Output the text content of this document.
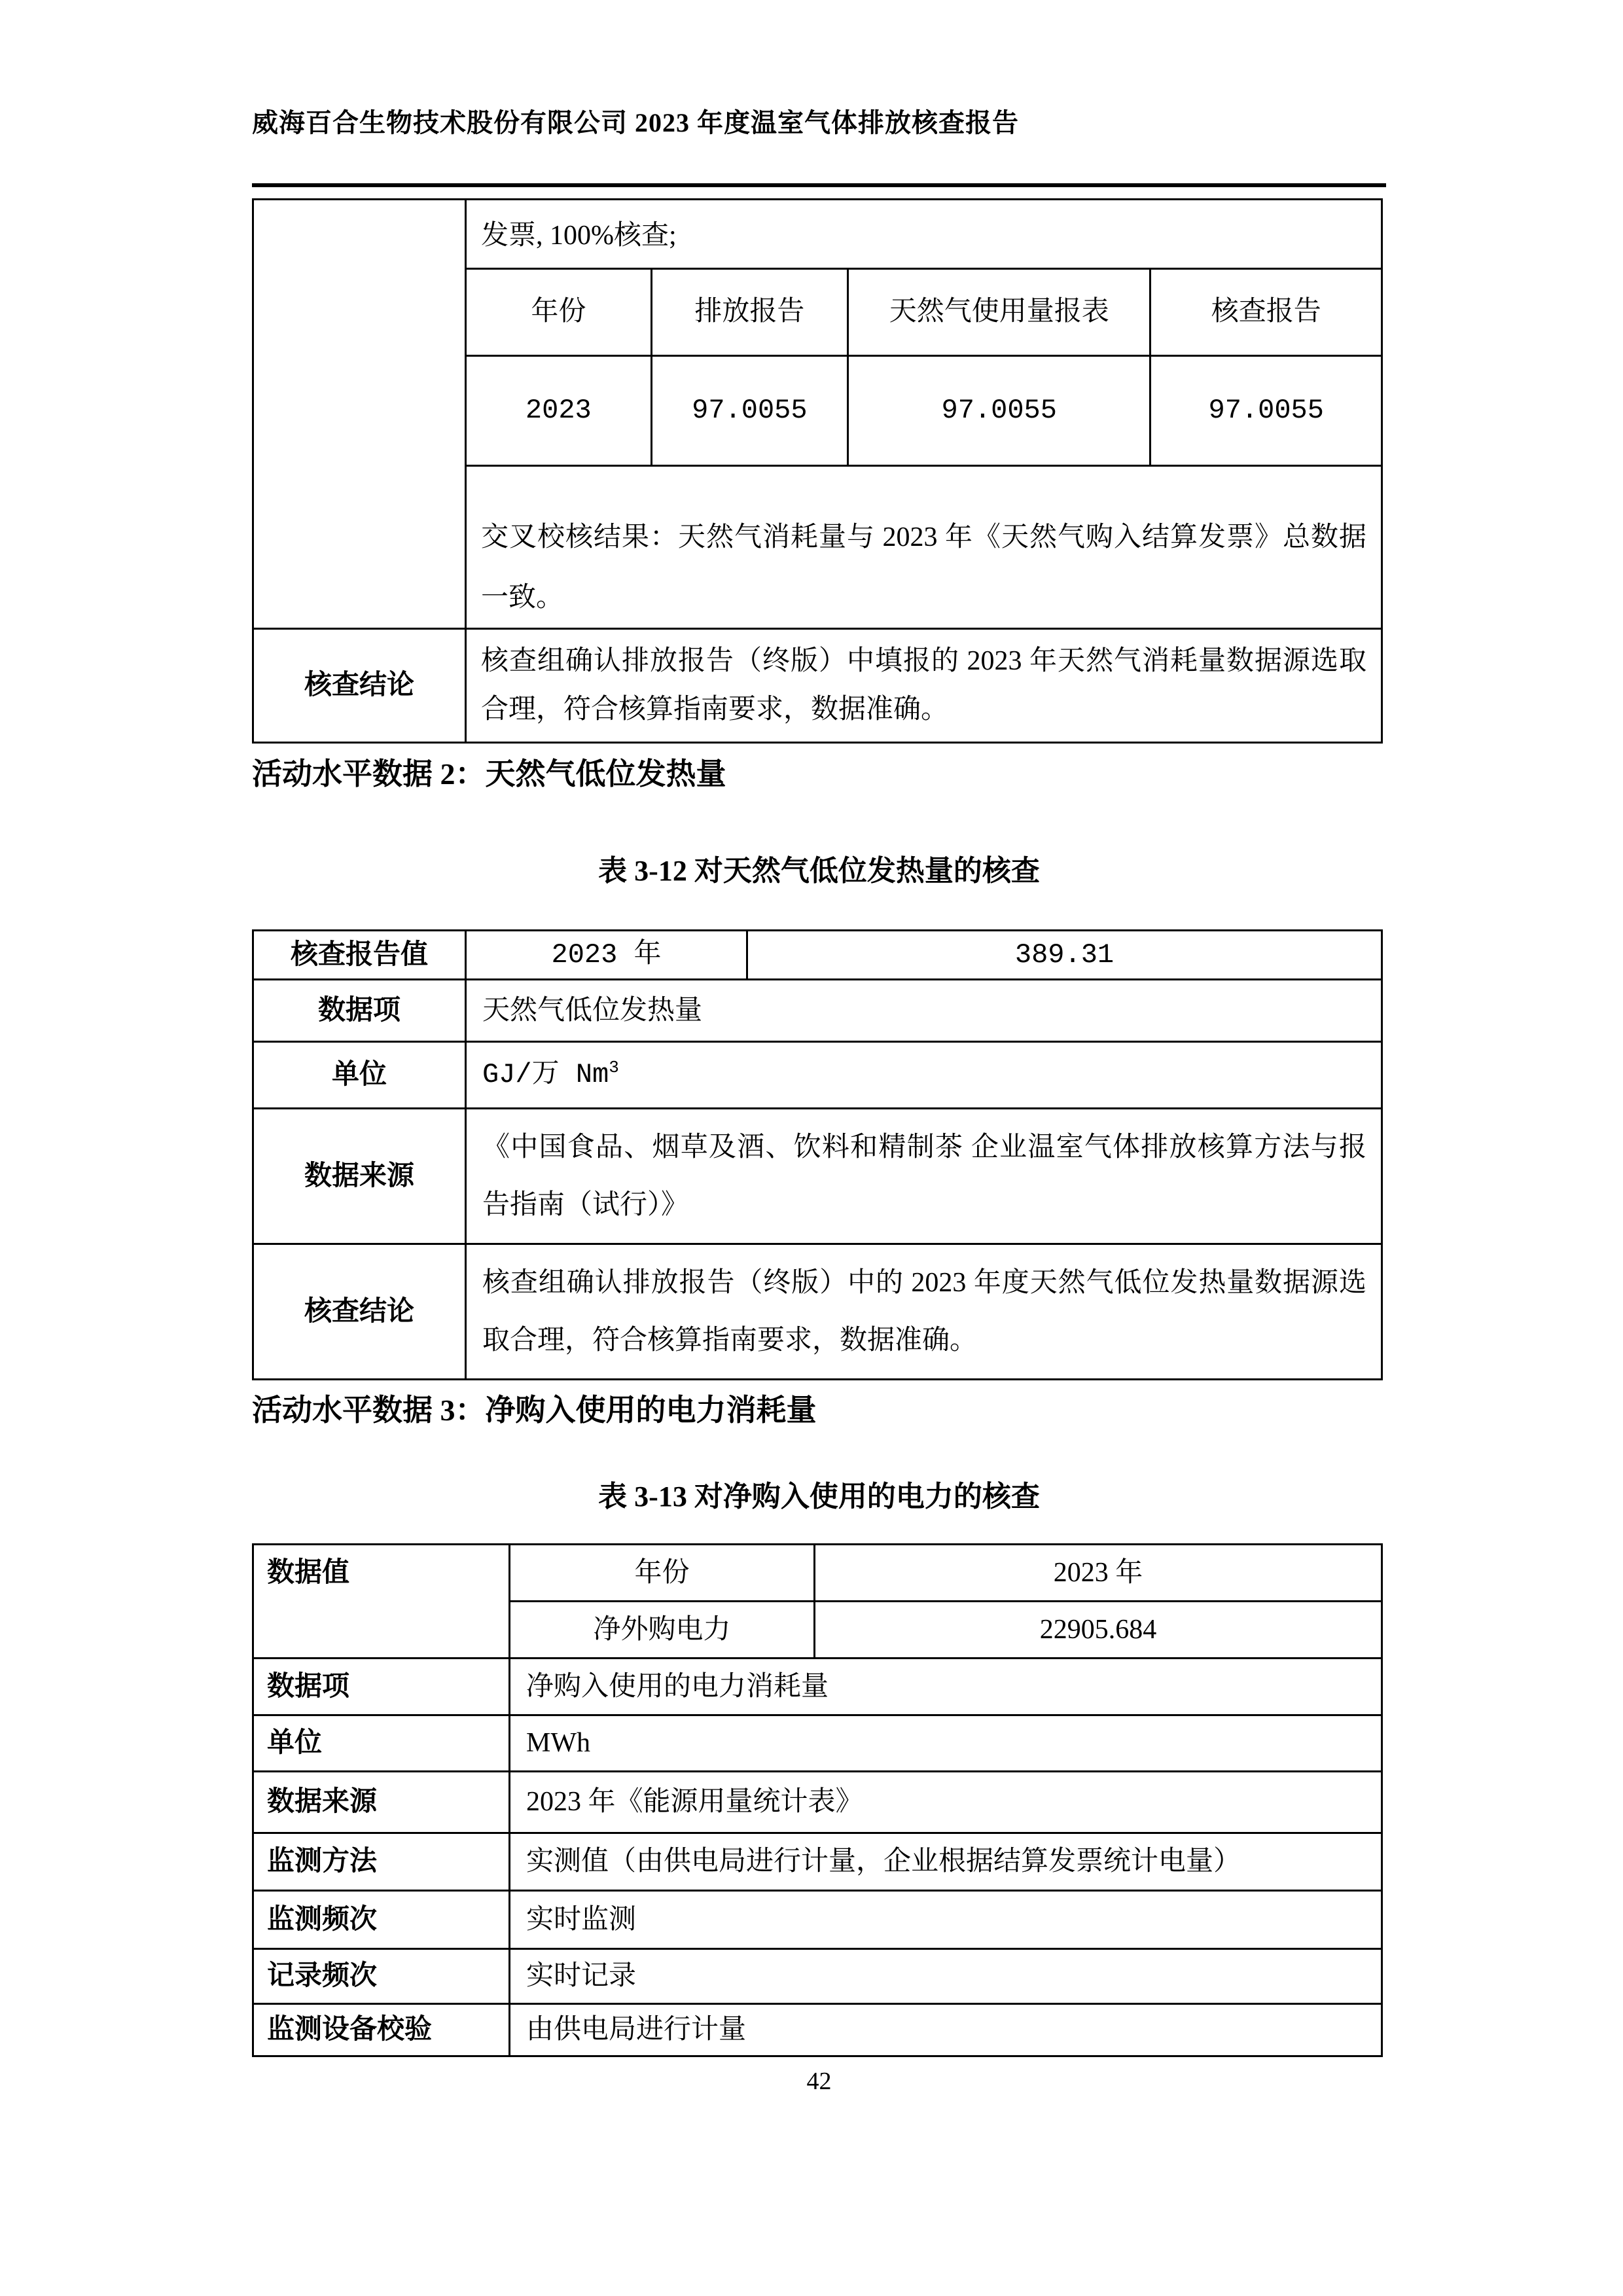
威海百合生物技术股份有限公司 2023 年度温室气体排放核查报告

发票, 100%核查;

年份	排放报告	天然气使用量报表	核查报告
2023	97.0055	97.0055	97.0055

交叉校核结果：天然气消耗量与 2023 年《天然气购入结算发票》总数据一致。

核查结论	核查组确认排放报告（终版）中填报的 2023 年天然气消耗量数据源选取合理，符合核算指南要求，数据准确。
活动水平数据 2：天然气低位发热量
表 3-12 对天然气低位发热量的核查
核查报告值	2023 年	389.31
数据项	天然气低位发热量	
单位	GJ/万 Nm$^3$
数据来源	《中国食品、烟草及酒、饮料和精制茶 企业温室气体排放核算方法与报告指南（试行）》	
核查结论	核查组确认排放报告（终版）中的 2023 年度天然气低位发热量数据源选取合理，符合核算指南要求，数据准确。	
活动水平数据 3：净购入使用的电力消耗量
表 3-13 对净购入使用的电力的核查
数据值	年份	2023 年
	净外购电力	22905.684
数据项	净购入使用的电力消耗量	
单位	MWh	
数据来源	2023 年《能源用量统计表》	
监测方法	实测值（由供电局进行计量，企业根据结算发票统计电量）	
监测频次	实时监测	
记录频次	实时记录	
监测设备校验	由供电局进行计量	
42
